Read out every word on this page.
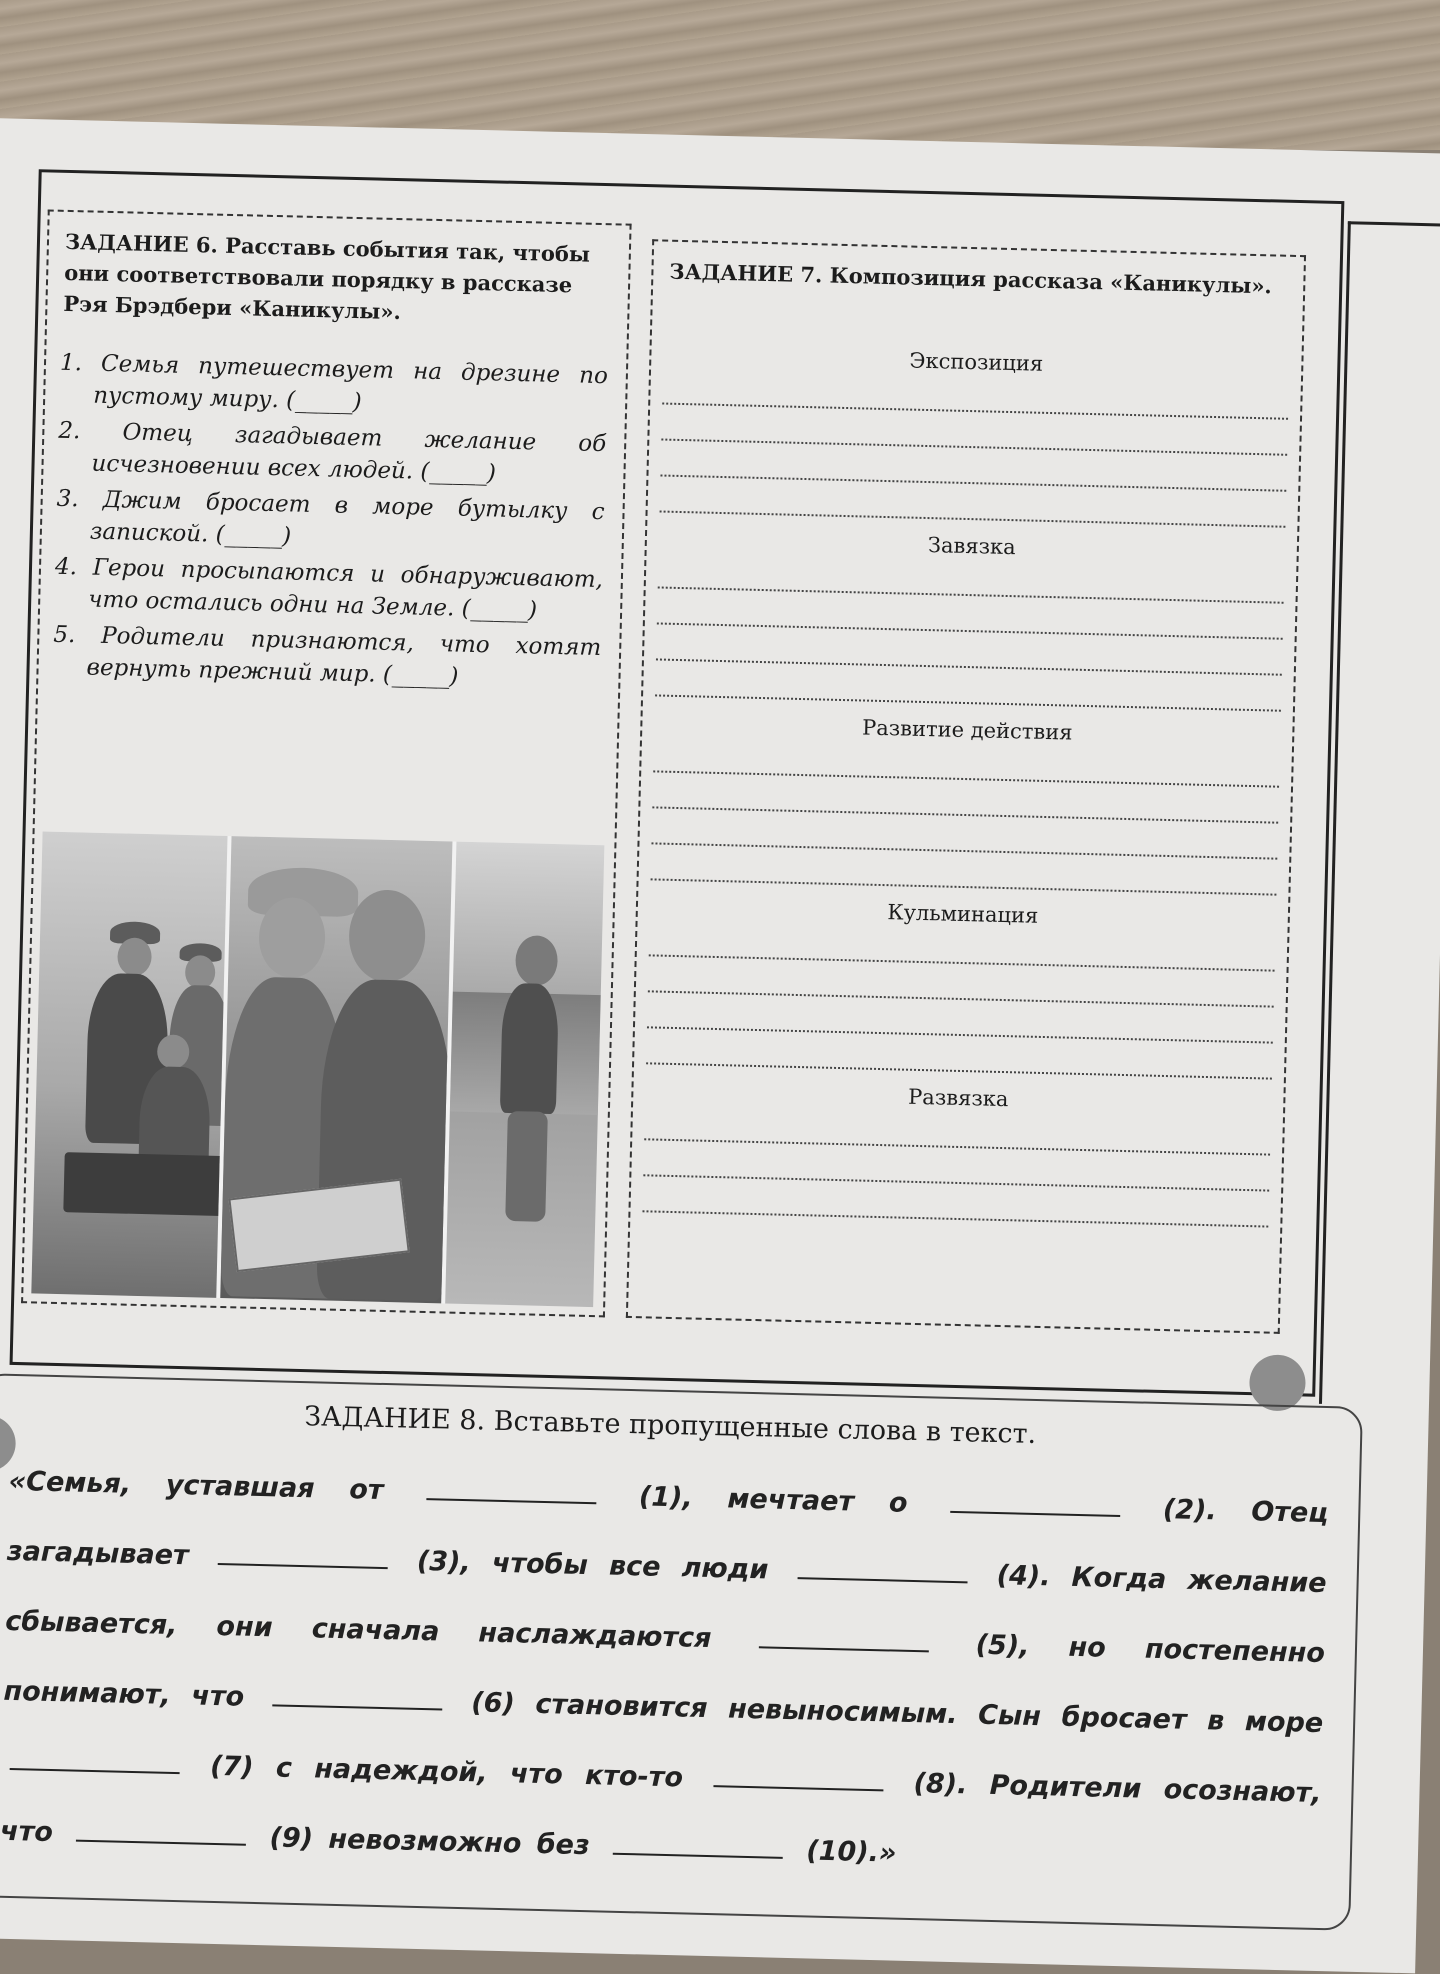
ЗАДАНИЕ 6. Расставь события так, чтобы они соответствовали порядку в рассказе Рэя Брэдбери «Каникулы».
1. Семья путешествует на дрезине по пустому миру. (_____)
2. Отец загадывает желание об исчезновении всех людей. (_____)
3. Джим бросает в море бутылку с запиской. (_____)
4. Герои просыпаются и обнаруживают, что остались одни на Земле. (_____)
5. Родители признаются, что хотят вернуть прежний мир. (_____)
ЗАДАНИЕ 7. Композиция рассказа «Каникулы».
Экспозиция
Завязка
Развитие действия
Кульминация
Развязка
ЗАДАНИЕ 8. Вставьте пропущенные слова в текст.
«Семья, уставшая от	(1), мечтает о	(2). Отец загадывает	(3), чтобы все люди	(4). Когда желание сбывается, они сначала наслаждаются	(5), но постепенно понимают, что	(6) становится невыносимым. Сын бросает в море  (7) с надеждой, что кто-то	(8). Родители осознают, что	(9) невозможно без	(10).»
